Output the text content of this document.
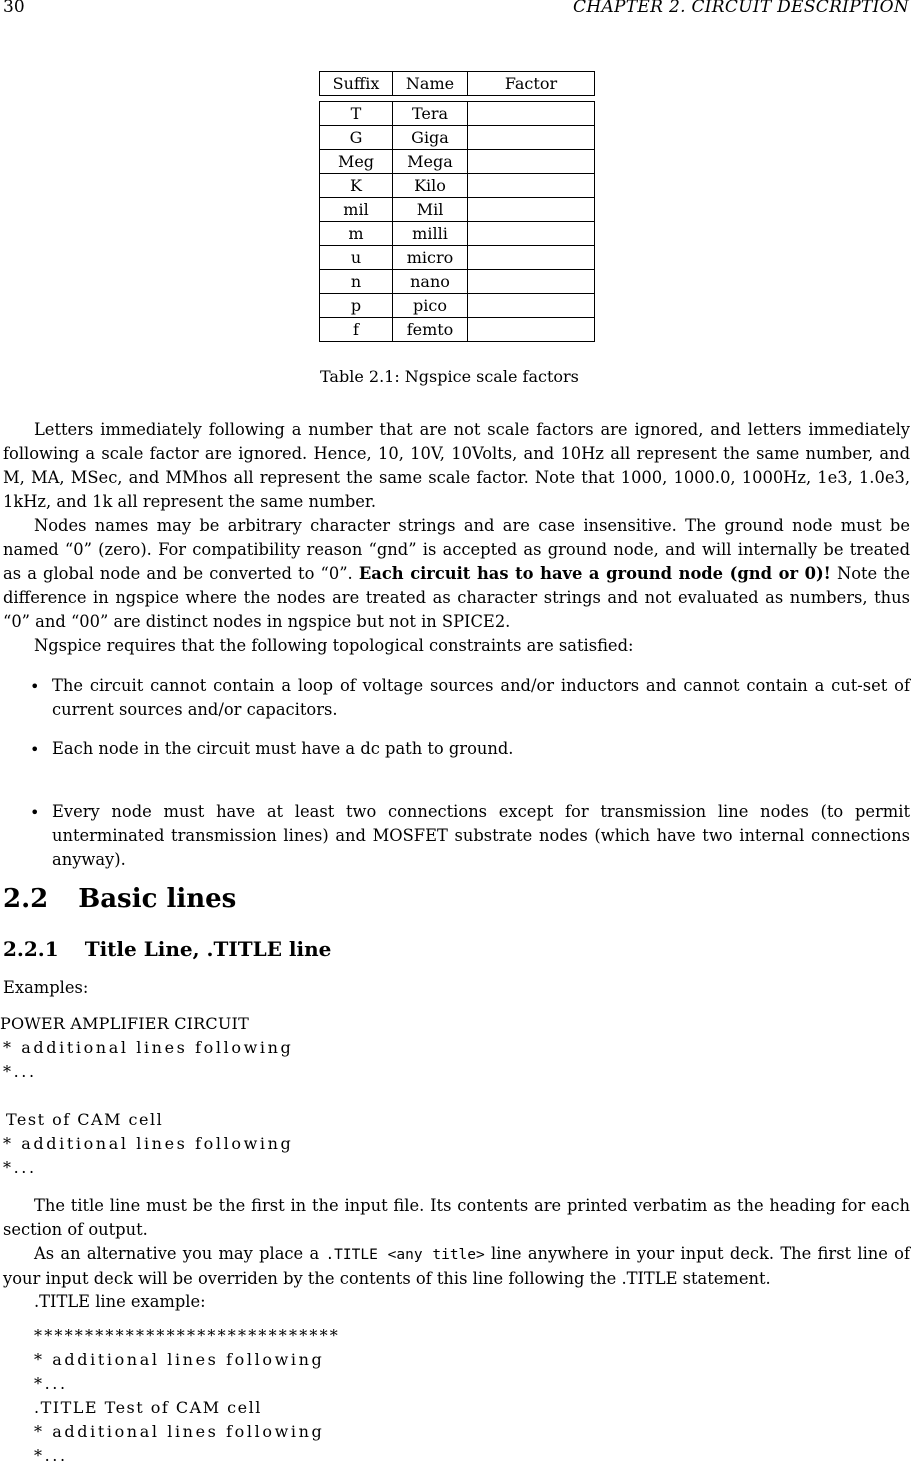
30	CHAPTER 2. CIRCUIT DESCRIPTION
Suffix	Name	Factor
T	Tera	
G	Giga	
Meg	Mega	
K	Kilo	
mil	Mil	
m	milli	
u	micro	
n	nano	
p	pico	
f	femto	
Table 2.1: Ngspice scale factors
Letters immediately following a number that are not scale factors are ignored, and letters immediately following a scale factor are ignored. Hence, 10, 10V, 10Volts, and 10Hz all represent the same number, and M, MA, MSec, and MMhos all represent the same scale factor. Note that 1000, 1000.0, 1000Hz, 1e3, 1.0e3, 1kHz, and 1k all represent the same number.
Nodes names may be arbitrary character strings and are case insensitive. The ground node must be named “0” (zero). For compatibility reason “gnd” is accepted as ground node, and will internally be treated as a global node and be converted to “0”. Each circuit has to have a ground node (gnd or 0)! Note the difference in ngspice where the nodes are treated as character strings and not evaluated as numbers, thus “0” and “00” are distinct nodes in ngspice but not in SPICE2.
Ngspice requires that the following topological constraints are satisfied:
• The circuit cannot contain a loop of voltage sources and/or inductors and cannot contain a cut-set of current sources and/or capacitors.
• Each node in the circuit must have a dc path to ground.
• Every node must have at least two connections except for transmission line nodes (to permit unterminated transmission lines) and MOSFET substrate nodes (which have two internal connections anyway).
2.2 Basic lines
2.2.1 Title Line, .TITLE line
Examples:
POWER AMPLIFIER CIRCUIT
* additional lines following
*...
Test of CAM cell
* additional lines following
*...
The title line must be the first in the input file. Its contents are printed verbatim as the heading for each section of output.
As an alternative you may place a .TITLE <any title> line anywhere in your input deck. The first line of your input deck will be overriden by the contents of this line following the .TITLE statement.
.TITLE line example:
******************************
* additional lines following
*...
.TITLE Test of CAM cell
* additional lines following
*...
